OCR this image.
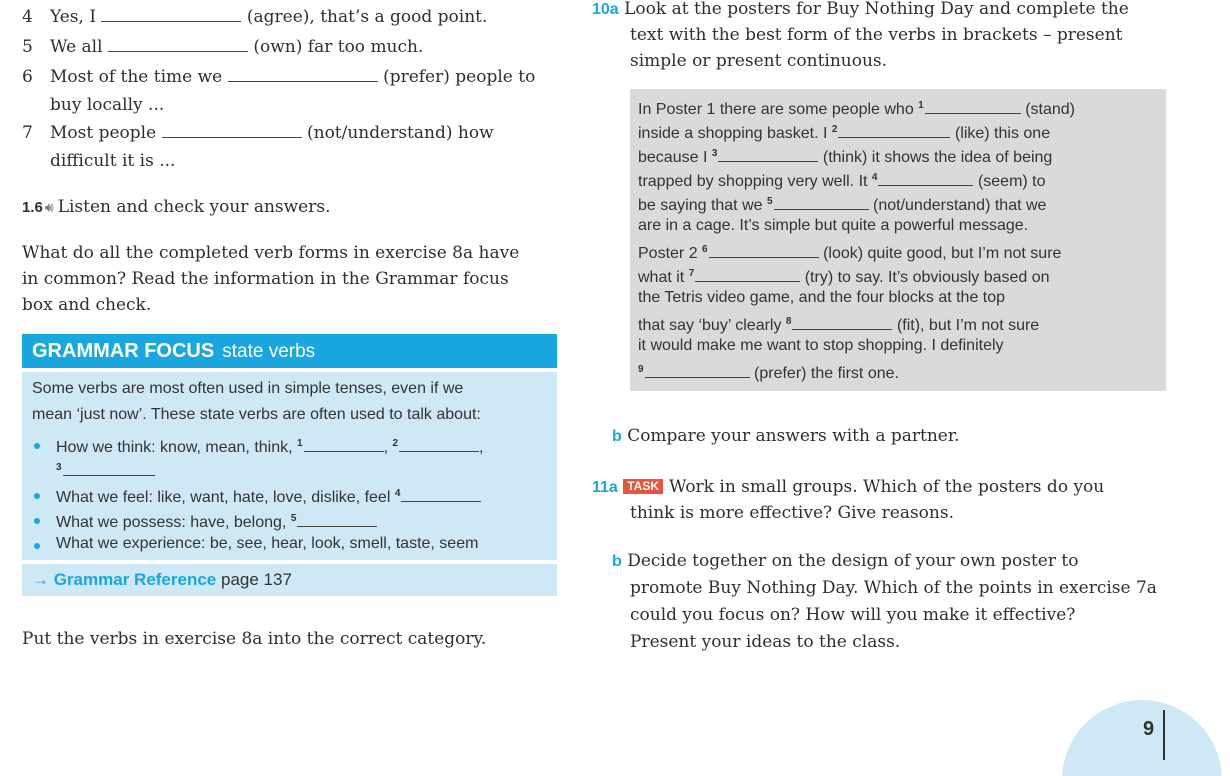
4 Yes, I	(agree), that’s a good point.
5 We all	(own) far too much.
6 Most of the time we	(prefer) people to
buy locally ...
7 Most people	(not/understand) how
difficult it is ...
1.6 🔊︎ Listen and check your answers.
What do all the completed verb forms in exercise 8a have
in common? Read the information in the Grammar focus
box and check.
GRAMMAR FOCUS state verbs
Some verbs are most often used in simple tenses, even if we
mean ‘just now’. These state verbs are often used to talk about:
How we think: know, mean, think, $^1$	, $^2$	,
$^3$
What we feel: like, want, hate, love, dislike, feel $^4$
What we possess: have, belong, $^5$
What we experience: be, see, hear, look, smell, taste, seem
→ Grammar Reference page 137
Put the verbs in exercise 8a into the correct category.
10a Look at the posters for Buy Nothing Day and complete the
text with the best form of the verbs in brackets – present
simple or present continuous.
In Poster 1 there are some people who $^1$	(stand)
inside a shopping basket. I $^2$	(like) this one
because I $^3$	(think) it shows the idea of being
trapped by shopping very well. It $^4$	(seem) to
be saying that we $^5$	(not/understand) that we
are in a cage. It’s simple but quite a powerful message.
Poster 2 $^6$	(look) quite good, but I’m not sure
what it $^7$	(try) to say. It’s obviously based on
the Tetris video game, and the four blocks at the top
that say ‘buy’ clearly $^8$	(fit), but I’m not sure
it would make me want to stop shopping. I definitely
$^9$	(prefer) the first one.
b Compare your answers with a partner.
11a TASK Work in small groups. Which of the posters do you
think is more effective? Give reasons.
b Decide together on the design of your own poster to
promote Buy Nothing Day. Which of the points in exercise 7a
could you focus on? How will you make it effective?
Present your ideas to the class.
9
